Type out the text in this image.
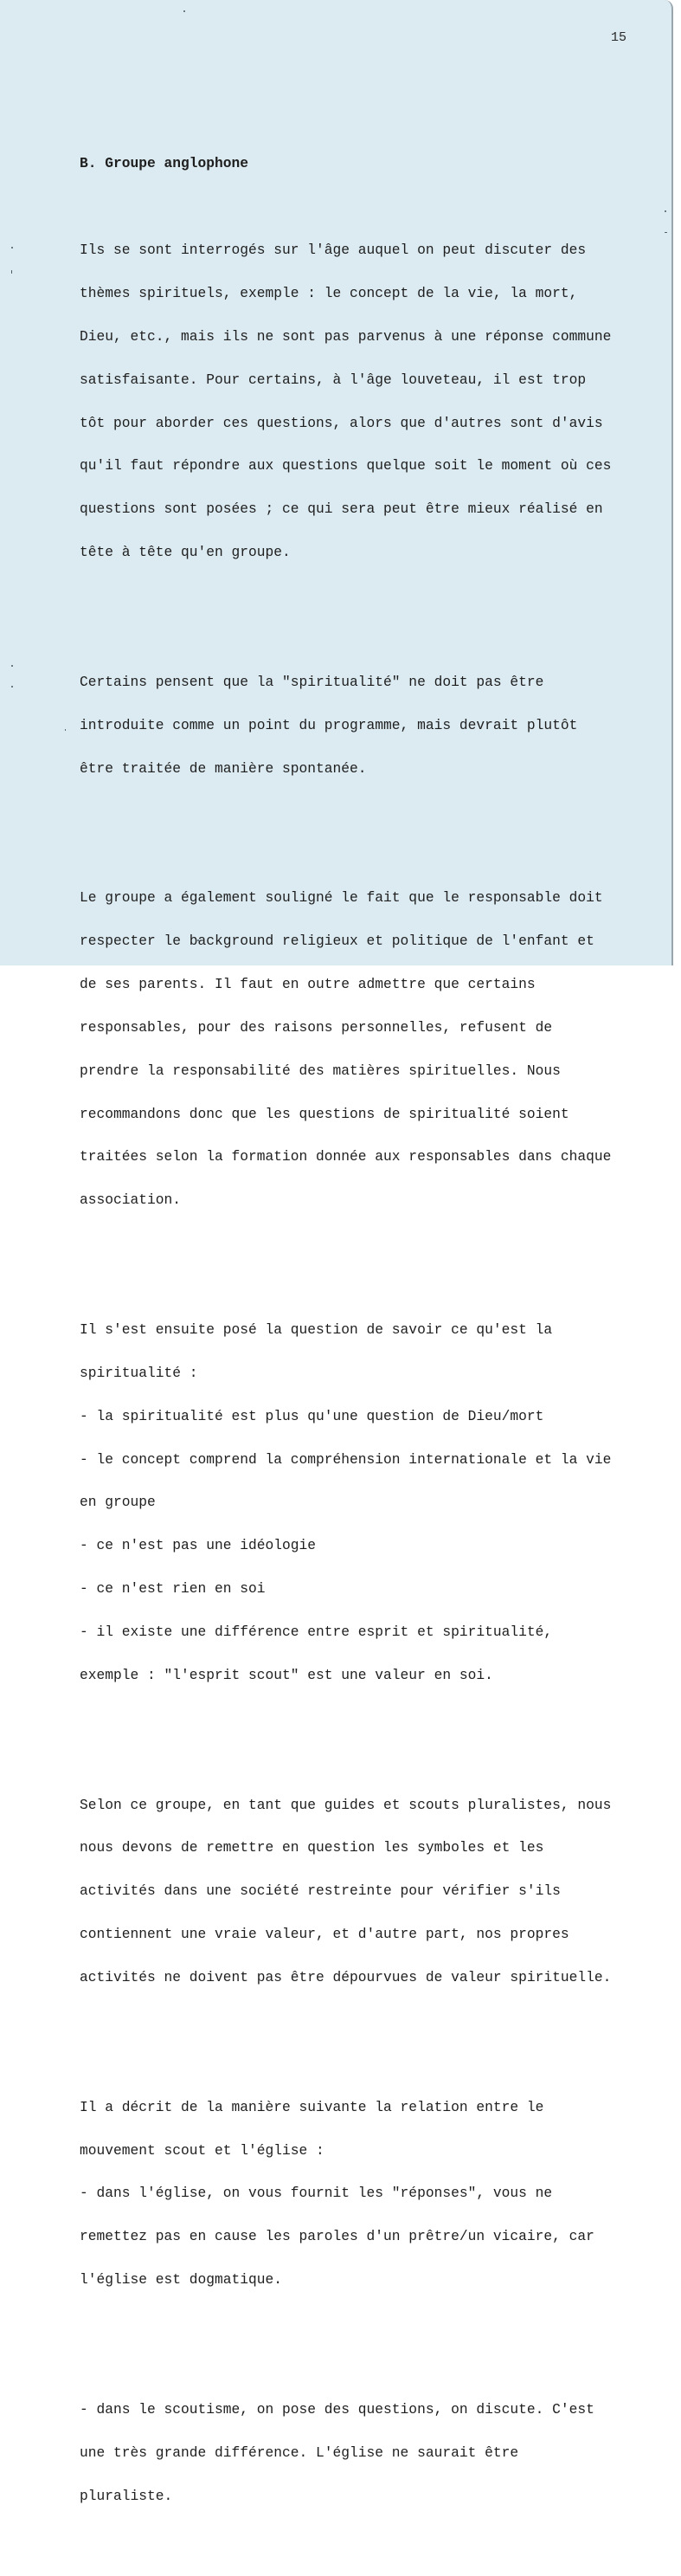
15

B. Groupe anglophone

Ils se sont interrogés sur l'âge auquel on peut discuter des

thèmes spirituels, exemple : le concept de la vie, la mort,

Dieu, etc., mais ils ne sont pas parvenus à une réponse commune

satisfaisante. Pour certains, à l'âge louveteau, il est trop

tôt pour aborder ces questions, alors que d'autres sont d'avis

qu'il faut répondre aux questions quelque soit le moment où ces

questions sont posées ; ce qui sera peut être mieux réalisé en

tête à tête qu'en groupe.

Certains pensent que la "spiritualité" ne doit pas être

introduite comme un point du programme, mais devrait plutôt

être traitée de manière spontanée.

Le groupe a également souligné le fait que le responsable doit

respecter le background religieux et politique de l'enfant et

de ses parents. Il faut en outre admettre que certains

responsables, pour des raisons personnelles, refusent de

prendre la responsabilité des matières spirituelles. Nous

recommandons donc que les questions de spiritualité soient

traitées selon la formation donnée aux responsables dans chaque

association.

Il s'est ensuite posé la question de savoir ce qu'est la

spiritualité :

- la spiritualité est plus qu'une question de Dieu/mort

- le concept comprend la compréhension internationale et la vie

en groupe

- ce n'est pas une idéologie

- ce n'est rien en soi

- il existe une différence entre esprit et spiritualité,

exemple : "l'esprit scout" est une valeur en soi.

Selon ce groupe, en tant que guides et scouts pluralistes, nous

nous devons de remettre en question les symboles et les

activités dans une société restreinte pour vérifier s'ils

contiennent une vraie valeur, et d'autre part, nos propres

activités ne doivent pas être dépourvues de valeur spirituelle.

Il a décrit de la manière suivante la relation entre le

mouvement scout et l'église :

- dans l'église, on vous fournit les "réponses", vous ne

remettez pas en cause les paroles d'un prêtre/un vicaire, car

l'église est dogmatique.

- dans le scoutisme, on pose des questions, on discute. C'est

une très grande différence. L'église ne saurait être

pluraliste.
